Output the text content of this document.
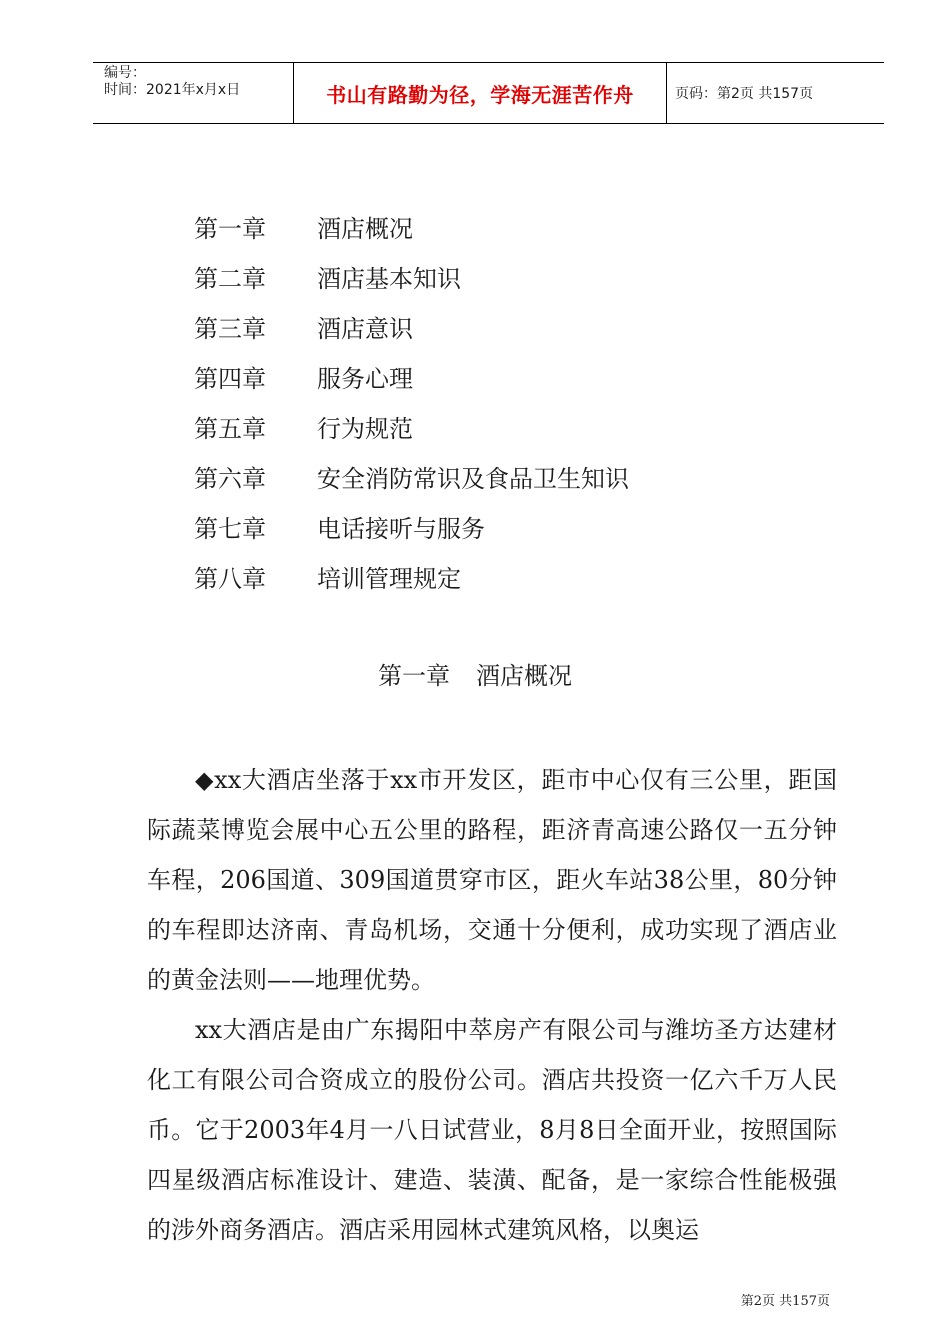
编号：
时间：2021年x月x日	书山有路勤为径，学海无涯苦作舟	页码：第2页 共157页
第一章 酒店概况
第二章 酒店基本知识
第三章 酒店意识
第四章 服务心理
第五章 行为规范
第六章 安全消防常识及食品卫生知识
第七章 电话接听与服务
第八章 培训管理规定
第一章 酒店概况

◆xx大酒店坐落于xx市开发区，距市中心仅有三公里，距国际蔬菜博览会展中心五公里的路程，距济青高速公路仅一五分钟车程，206国道、309国道贯穿市区，距火车站38公里，80分钟的车程即达济南、青岛机场，交通十分便利，成功实现了酒店业的黄金法则——地理优势。

xx大酒店是由广东揭阳中萃房产有限公司与潍坊圣方达建材化工有限公司合资成立的股份公司。酒店共投资一亿六千万人民币。它于2003年4月一八日试营业，8月8日全面开业，按照国际四星级酒店标准设计、建造、装潢、配备，是一家综合性能极强的涉外商务酒店。酒店采用园林式建筑风格，以奥运

第2页 共157页
